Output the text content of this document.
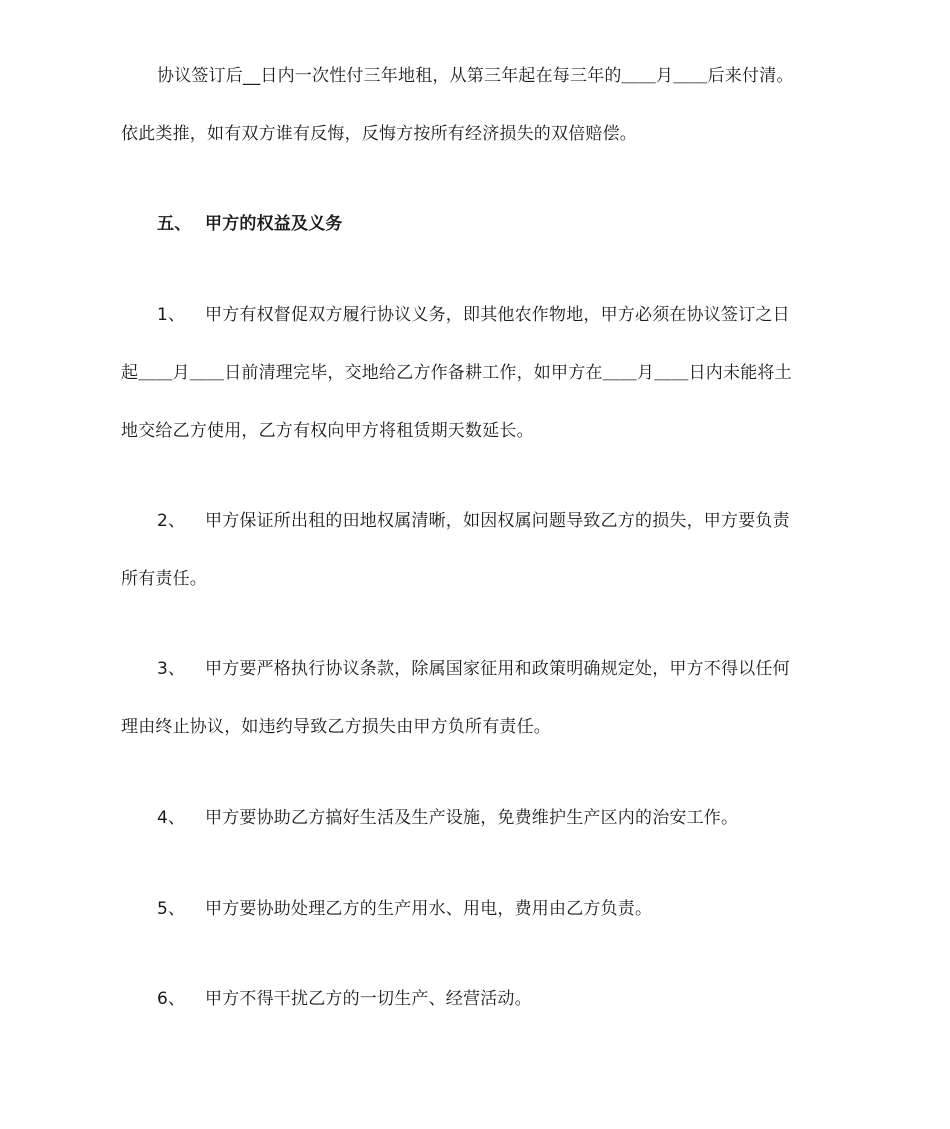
协议签订后__日内一次性付三年地租，从第三年起在每三年的＿＿月＿＿后来付清。
依此类推，如有双方谁有反悔，反悔方按所有经济损失的双倍赔偿。
五、 甲方的权益及义务
1、 甲方有权督促双方履行协议义务，即其他农作物地，甲方必须在协议签订之日
起＿＿月＿＿日前清理完毕，交地给乙方作备耕工作，如甲方在＿＿月＿＿日内未能将土
地交给乙方使用，乙方有权向甲方将租赁期天数延长。
2、 甲方保证所出租的田地权属清晰，如因权属问题导致乙方的损失，甲方要负责
所有责任。
3、 甲方要严格执行协议条款，除属国家征用和政策明确规定处，甲方不得以任何
理由终止协议，如违约导致乙方损失由甲方负所有责任。
4、 甲方要协助乙方搞好生活及生产设施，免费维护生产区内的治安工作。
5、 甲方要协助处理乙方的生产用水、用电，费用由乙方负责。
6、 甲方不得干扰乙方的一切生产、经营活动。
